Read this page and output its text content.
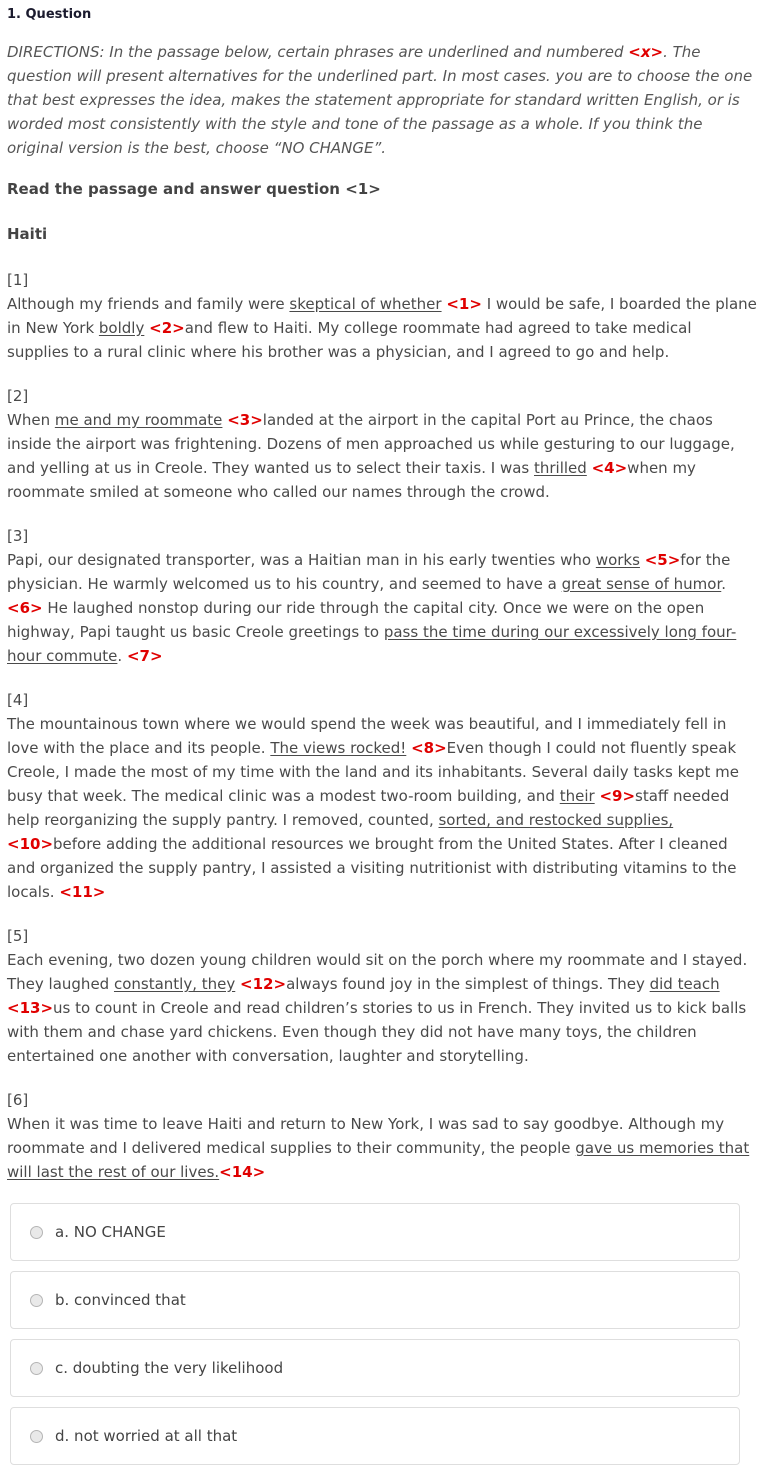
1. Question
DIRECTIONS: In the passage below, certain phrases are underlined and numbered <x>. The question will present alternatives for the underlined part. In most cases. you are to choose the one that best expresses the idea, makes the statement appropriate for standard written English, or is worded most consistently with the style and tone of the passage as a whole. If you think the original version is the best, choose “NO CHANGE”.
Read the passage and answer question <1>
Haiti

[1]
Although my friends and family were skeptical of whether <1> I would be safe, I boarded the plane in New York boldly <2>and flew to Haiti. My college roommate had agreed to take medical supplies to a rural clinic where his brother was a physician, and I agreed to go and help.

[2]
When me and my roommate <3>landed at the airport in the capital Port au Prince, the chaos inside the airport was frightening. Dozens of men approached us while gesturing to our luggage, and yelling at us in Creole. They wanted us to select their taxis. I was thrilled <4>when my roommate smiled at someone who called our names through the crowd.

[3]
Papi, our designated transporter, was a Haitian man in his early twenties who works <5>for the physician. He warmly welcomed us to his country, and seemed to have a great sense of humor. <6> He laughed nonstop during our ride through the capital city. Once we were on the open highway, Papi taught us basic Creole greetings to pass the time during our excessively long four-hour commute. <7>

[4]
The mountainous town where we would spend the week was beautiful, and I immediately fell in love with the place and its people. The views rocked! <8>Even though I could not fluently speak Creole, I made the most of my time with the land and its inhabitants. Several daily tasks kept me busy that week. The medical clinic was a modest two-room building, and their <9>staff needed help reorganizing the supply pantry. I removed, counted, sorted, and restocked supplies, <10>before adding the additional resources we brought from the United States. After I cleaned and organized the supply pantry, I assisted a visiting nutritionist with distributing vitamins to the locals. <11>

[5]
Each evening, two dozen young children would sit on the porch where my roommate and I stayed. They laughed constantly, they <12>always found joy in the simplest of things. They did teach <13>us to count in Creole and read children’s stories to us in French. They invited us to kick balls with them and chase yard chickens. Even though they did not have many toys, the children entertained one another with conversation, laughter and storytelling.

[6]
When it was time to leave Haiti and return to New York, I was sad to say goodbye. Although my roommate and I delivered medical supplies to their community, the people gave us memories that will last the rest of our lives.<14>

a. NO CHANGE
b. convinced that
c. doubting the very likelihood
d. not worried at all that
